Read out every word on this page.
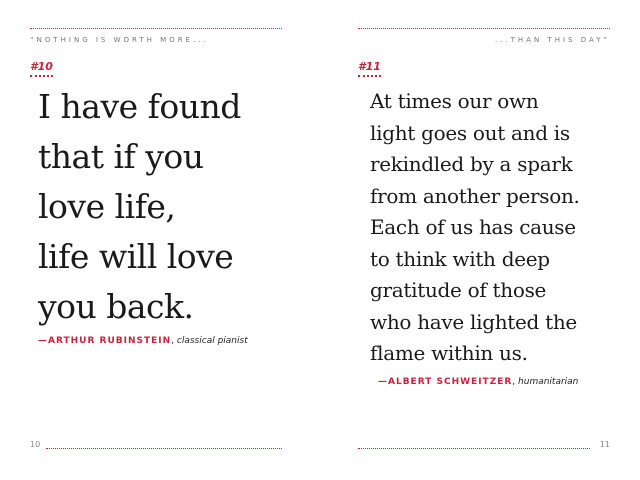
“NOTHING IS WORTH MORE...
#10

I have found
that if you
love life,
life will love
you back.

—ARTHUR RUBINSTEIN, classical pianist
10
...THAN THIS DAY”
#11

At times our own
light goes out and is
rekindled by a spark
from another person.
Each of us has cause
to think with deep
gratitude of those
who have lighted the
flame within us.

—ALBERT SCHWEITZER, humanitarian
11
